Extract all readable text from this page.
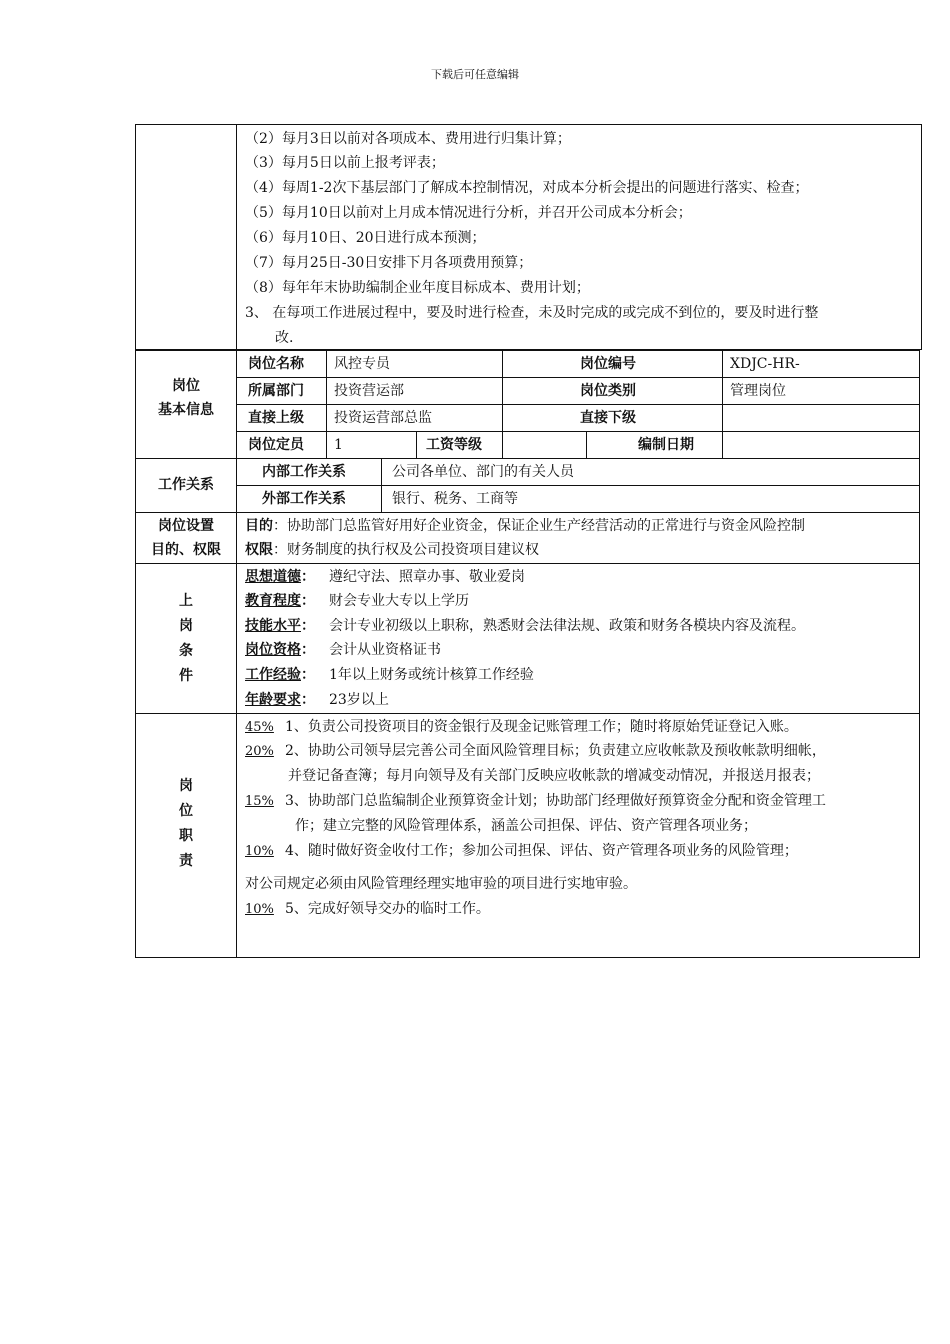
下载后可任意编辑
（2）每月3日以前对各项成本、费用进行归集计算；
（3）每月5日以前上报考评表；
（4）每周1-2次下基层部门了解成本控制情况，对成本分析会提出的问题进行落实、检查；
（5）每月10日以前对上月成本情况进行分析，并召开公司成本分析会；
（6）每月10日、20日进行成本预测；
（7）每月25日-30日安排下月各项费用预算；
（8）每年年末协助编制企业年度目标成本、费用计划；
3、 在每项工作进展过程中，要及时进行检查，未及时完成的或完成不到位的，要及时进行整
改.
岗位
基本信息
岗位名称 风控专员	岗位编号	XDJC-HR-
所属部门 投资营运部	岗位类别	管理岗位
直接上级 投资运营部总监	直接下级
岗位定员 1	工资等级	编制日期
工作关系
内部工作关系	公司各单位、部门的有关人员
外部工作关系	银行、税务、工商等
岗位设置
目的、权限
目的：协助部门总监管好用好企业资金，保证企业生产经营活动的正常进行与资金风险控制
权限：财务制度的执行权及公司投资项目建议权
上
岗
条
件
思想道德： 遵纪守法、照章办事、敬业爱岗
教育程度： 财会专业大专以上学历
技能水平： 会计专业初级以上职称，熟悉财会法律法规、政策和财务各模块内容及流程。
岗位资格： 会计从业资格证书
工作经验： 1年以上财务或统计核算工作经验
年龄要求： 23岁以上
岗
位
职
责
45% 1、负责公司投资项目的资金银行及现金记账管理工作；随时将原始凭证登记入账。
20% 2、协助公司领导层完善公司全面风险管理目标；负责建立应收帐款及预收帐款明细帐，
并登记备查簿；每月向领导及有关部门反映应收帐款的增减变动情况，并报送月报表；
15% 3、协助部门总监编制企业预算资金计划；协助部门经理做好预算资金分配和资金管理工
作；建立完整的风险管理体系，涵盖公司担保、评估、资产管理各项业务；
10% 4、随时做好资金收付工作；参加公司担保、评估、资产管理各项业务的风险管理；
对公司规定必须由风险管理经理实地审验的项目进行实地审验。
10% 5、完成好领导交办的临时工作。
